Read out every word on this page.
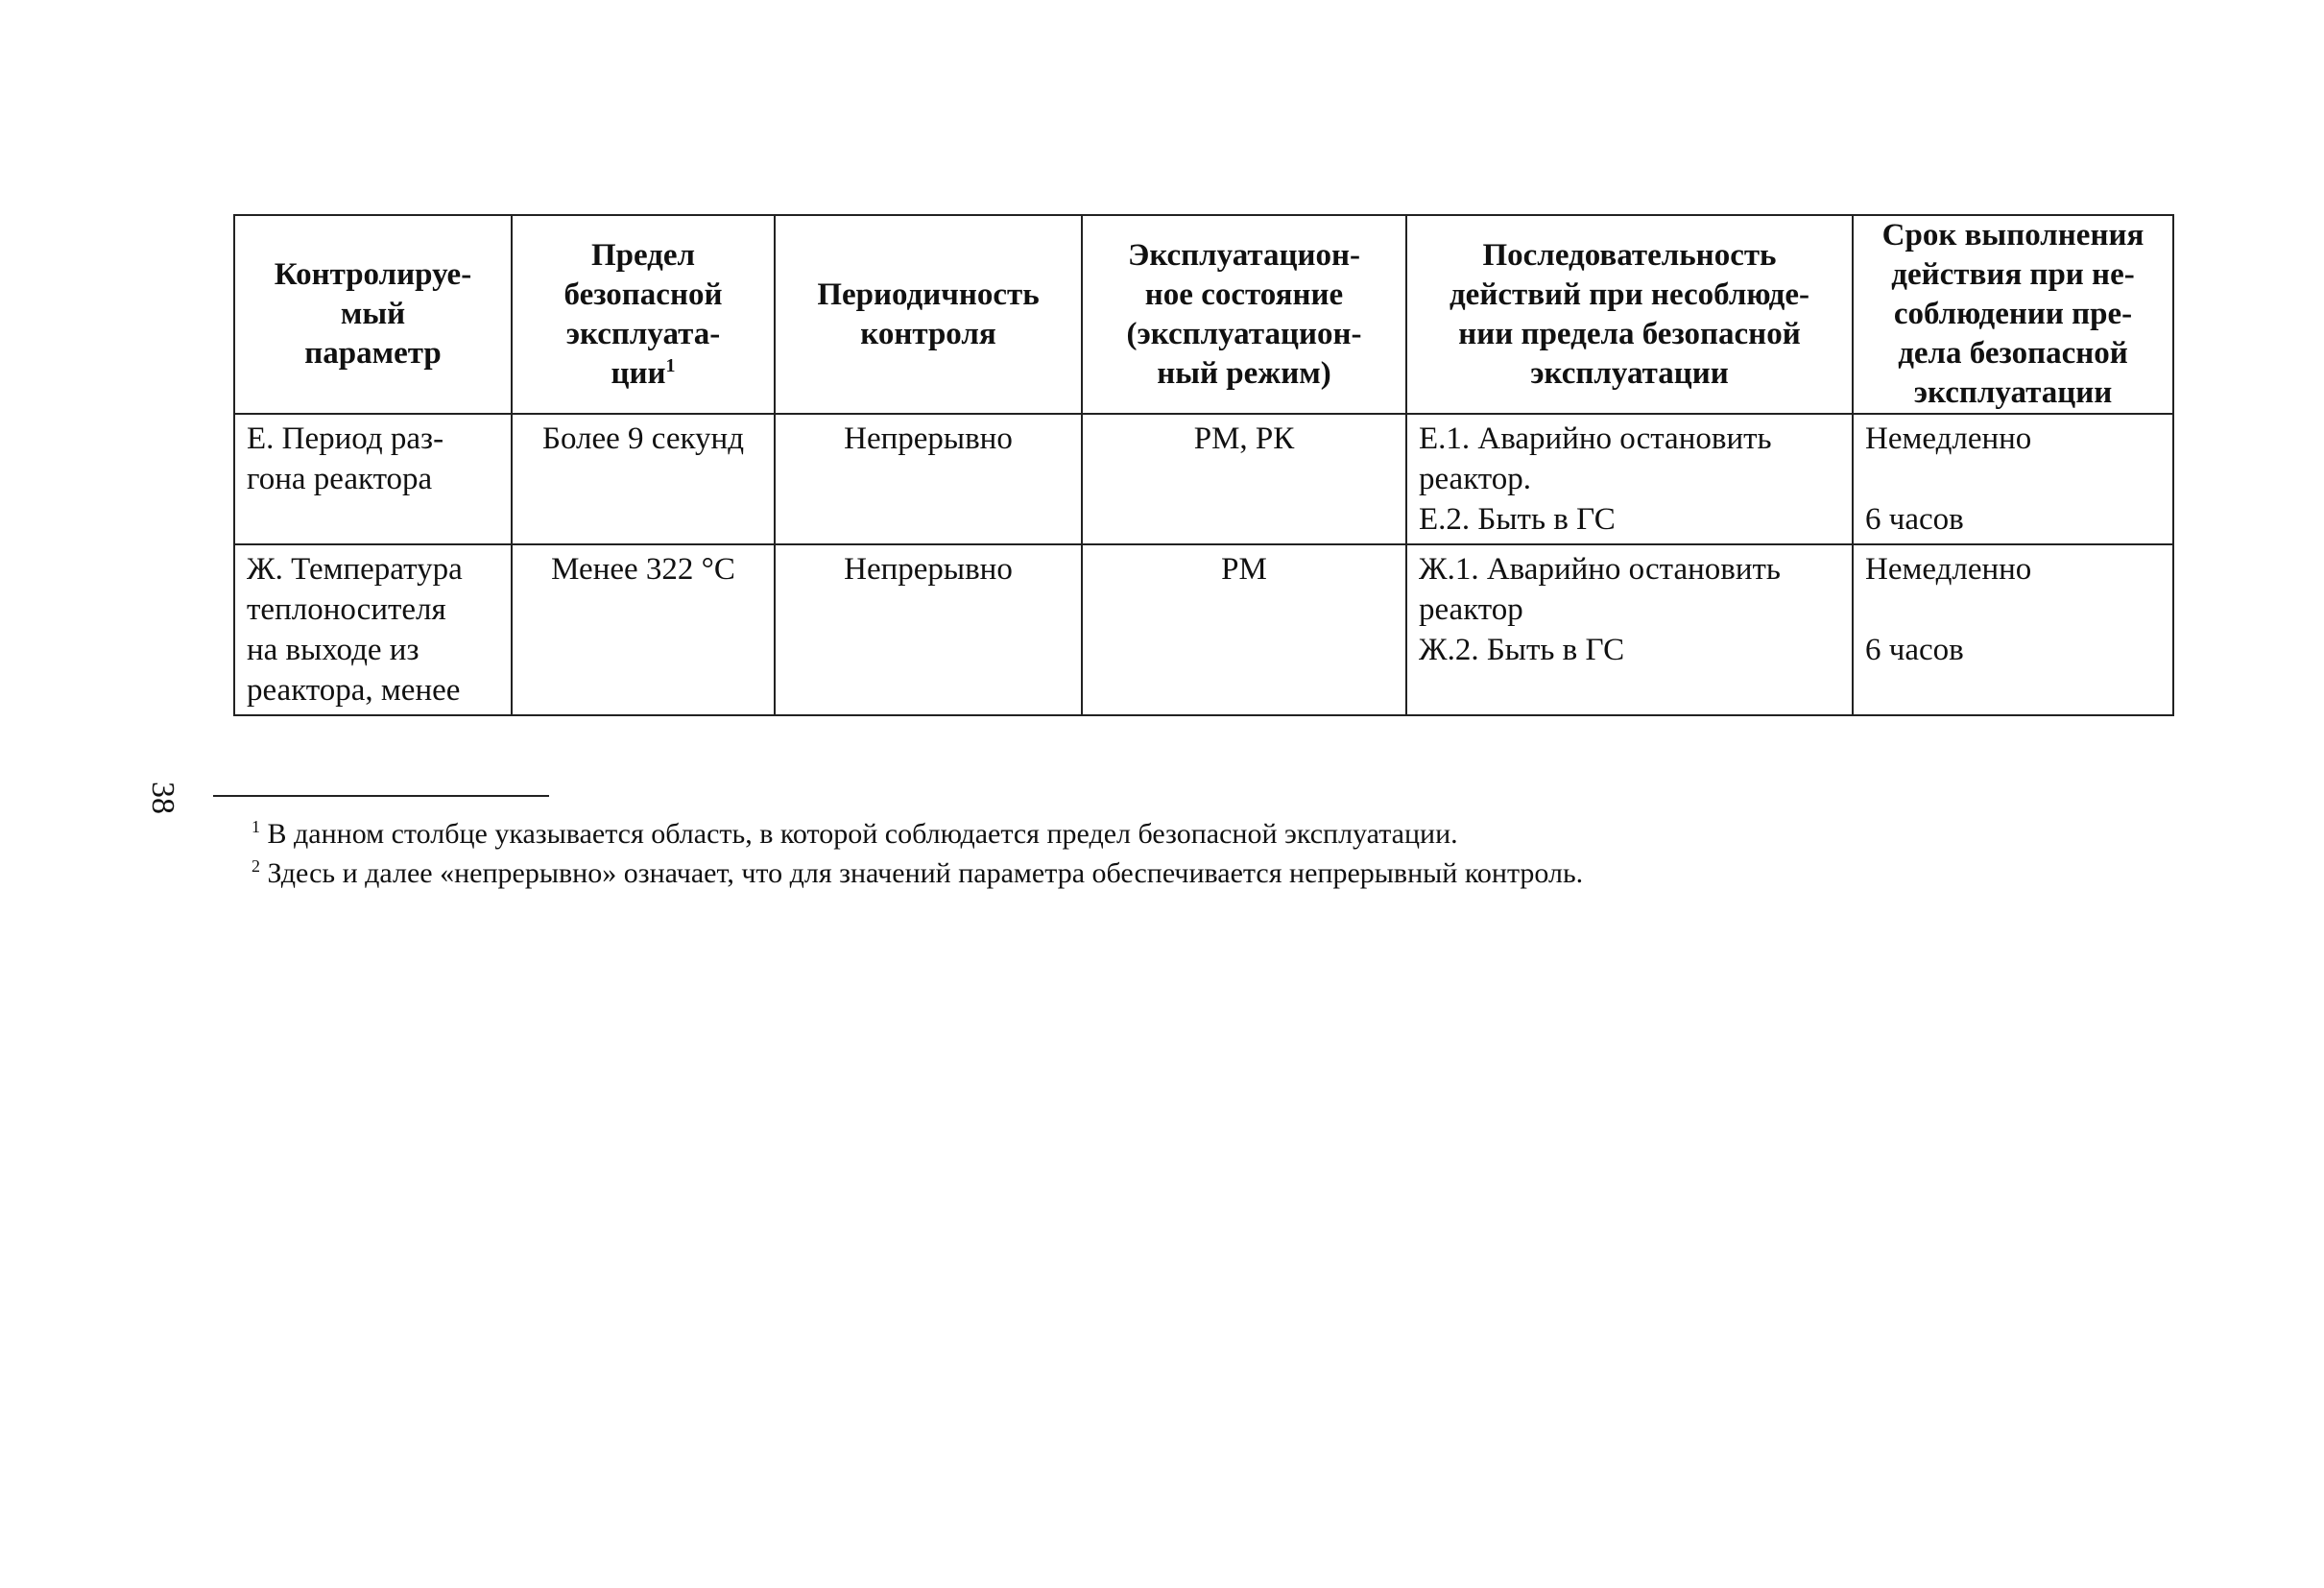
Контролируе-
мый
параметр	Предел
безопасной
эксплуата-
ции$^1$	Периодичность
контроля	Эксплуатацион-
ное состояние
(эксплуатацион-
ный режим)	Последовательность
действий при несоблюде-
нии предела безопасной
эксплуатации	Срок выполнения
действия при не-
соблюдении пре-
дела безопасной
эксплуатации

Е. Период раз-
гона реактора	Более 9 секунд	Непрерывно	РМ, РК	Е.1. Аварийно остановить
реактор.
Е.2. Быть в ГС	Немедленно
6 часов

Ж. Температура
теплоносителя
на выходе из
реактора, менее	Менее 322 °С	Непрерывно	РМ	Ж.1. Аварийно остановить
реактор
Ж.2. Быть в ГС	Немедленно
6 часов
38
$^1$ В данном столбце указывается область, в которой соблюдается предел безопасной эксплуатации.
$^2$ Здесь и далее «непрерывно» означает, что для значений параметра обеспечивается непрерывный контроль.
